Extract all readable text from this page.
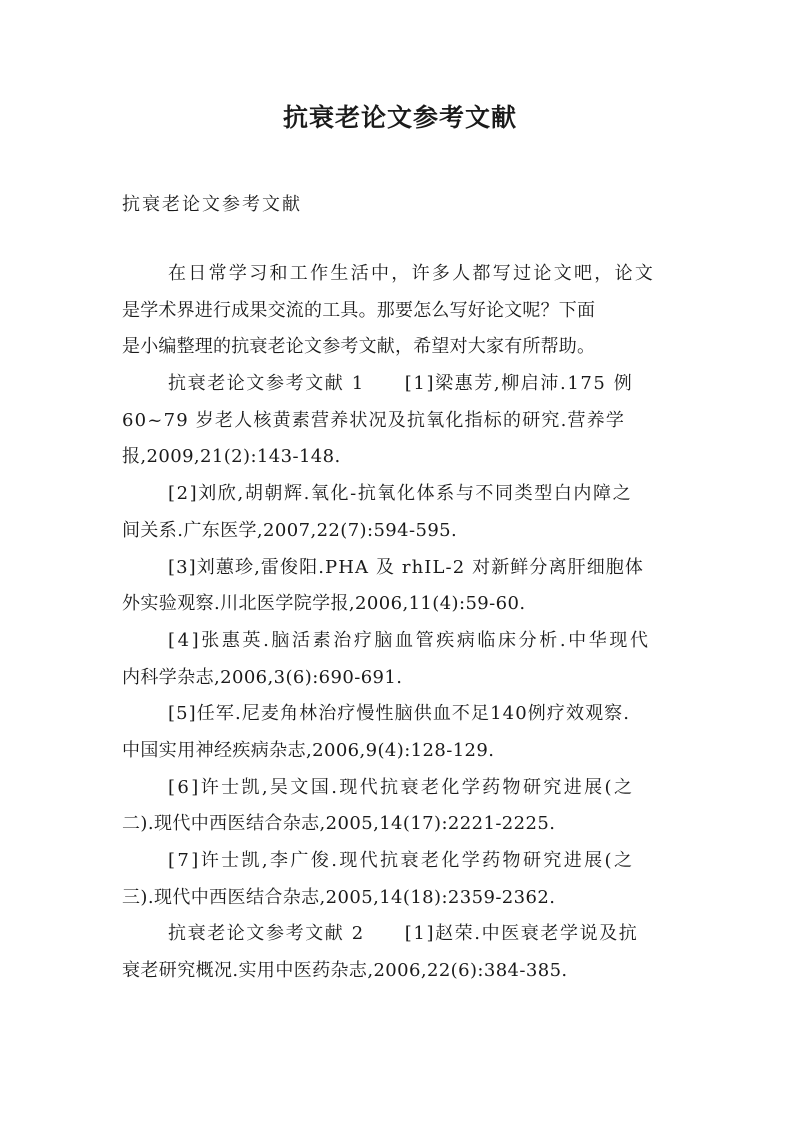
抗衰老论文参考文献
抗衰老论文参考文献
在日常学习和工作生活中，许多人都写过论文吧，论文
是学术界进行成果交流的工具。那要怎么写好论文呢？下面
是小编整理的抗衰老论文参考文献，希望对大家有所帮助。
抗衰老论文参考文献 1 [1]梁惠芳,柳启沛.175 例
60~79 岁老人核黄素营养状况及抗氧化指标的研究.营养学
报,2009,21(2):143-148.
[2]刘欣,胡朝辉.氧化-抗氧化体系与不同类型白内障之
间关系.广东医学,2007,22(7):594-595.
[3]刘蕙珍,雷俊阳.PHA 及 rhIL-2 对新鲜分离肝细胞体
外实验观察.川北医学院学报,2006,11(4):59-60.
[4]张惠英.脑活素治疗脑血管疾病临床分析.中华现代
内科学杂志,2006,3(6):690-691.
[5]任军.尼麦角林治疗慢性脑供血不足140例疗效观察.
中国实用神经疾病杂志,2006,9(4):128-129.
[6]许士凯,吴文国.现代抗衰老化学药物研究进展(之
二).现代中西医结合杂志,2005,14(17):2221-2225.
[7]许士凯,李广俊.现代抗衰老化学药物研究进展(之
三).现代中西医结合杂志,2005,14(18):2359-2362.
抗衰老论文参考文献 2 [1]赵荣.中医衰老学说及抗
衰老研究概况.实用中医药杂志,2006,22(6):384-385.
